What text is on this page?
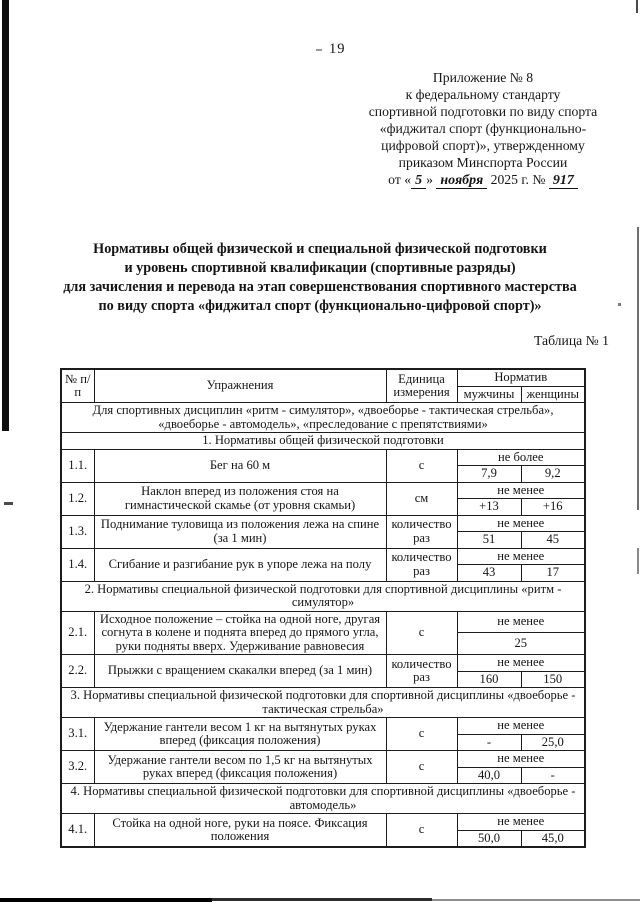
19
Приложение № 8
к федеральному стандарту
спортивной подготовки по виду спорта
«фиджитал спорт (функционально-
цифровой спорт)», утвержденному
приказом Минспорта России
от « 5 » ноября 2025 г. № 917
Нормативы общей физической и специальной физической подготовки
и уровень спортивной квалификации (спортивные разряды)
для зачисления и перевода на этап совершенствования спортивного мастерства
по виду спорта «фиджитал спорт (функционально-цифровой спорт)»
Таблица № 1
№ п/п	Упражнения	Единица измерения	Норматив	
			мужчины	женщины
Для спортивных дисциплин «ритм - симулятор», «двоеборье - тактическая стрельба», «двоеборье - автомодель», «преследование с препятствиями»				
1. Нормативы общей физической подготовки				
1.1.	Бег на 60 м	с	не более	
			7,9	9,2
1.2.	Наклон вперед из положения стоя на гимнастической скамье (от уровня скамьи)	см	не менее	
			+13	+16
1.3.	Поднимание туловища из положения лежа на спине (за 1 мин)	количество раз	не менее	
			51	45
1.4.	Сгибание и разгибание рук в упоре лежа на полу	количество раз	не менее	
			43	17
2. Нормативы специальной физической подготовки для спортивной дисциплины «ритм - симулятор»				
2.1.	Исходное положение – стойка на одной ноге, другая согнута в колене и поднята вперед до прямого угла, руки подняты вверх. Удерживание равновесия	с	не менее	
			25	
2.2.	Прыжки с вращением скакалки вперед (за 1 мин)	количество раз	не менее	
			160	150
3. Нормативы специальной физической подготовки для спортивной дисциплины «двоеборье - тактическая стрельба»				
3.1.	Удержание гантели весом 1 кг на вытянутых руках вперед (фиксация положения)	с	не менее	
			-	25,0
3.2.	Удержание гантели весом по 1,5 кг на вытянутых руках вперед (фиксация положения)	с	не менее	
			40,0	-
4. Нормативы специальной физической подготовки для спортивной дисциплины «двоеборье - автомодель»				
4.1.	Стойка на одной ноге, руки на поясе. Фиксация положения	с	не менее	
			50,0	45,0
